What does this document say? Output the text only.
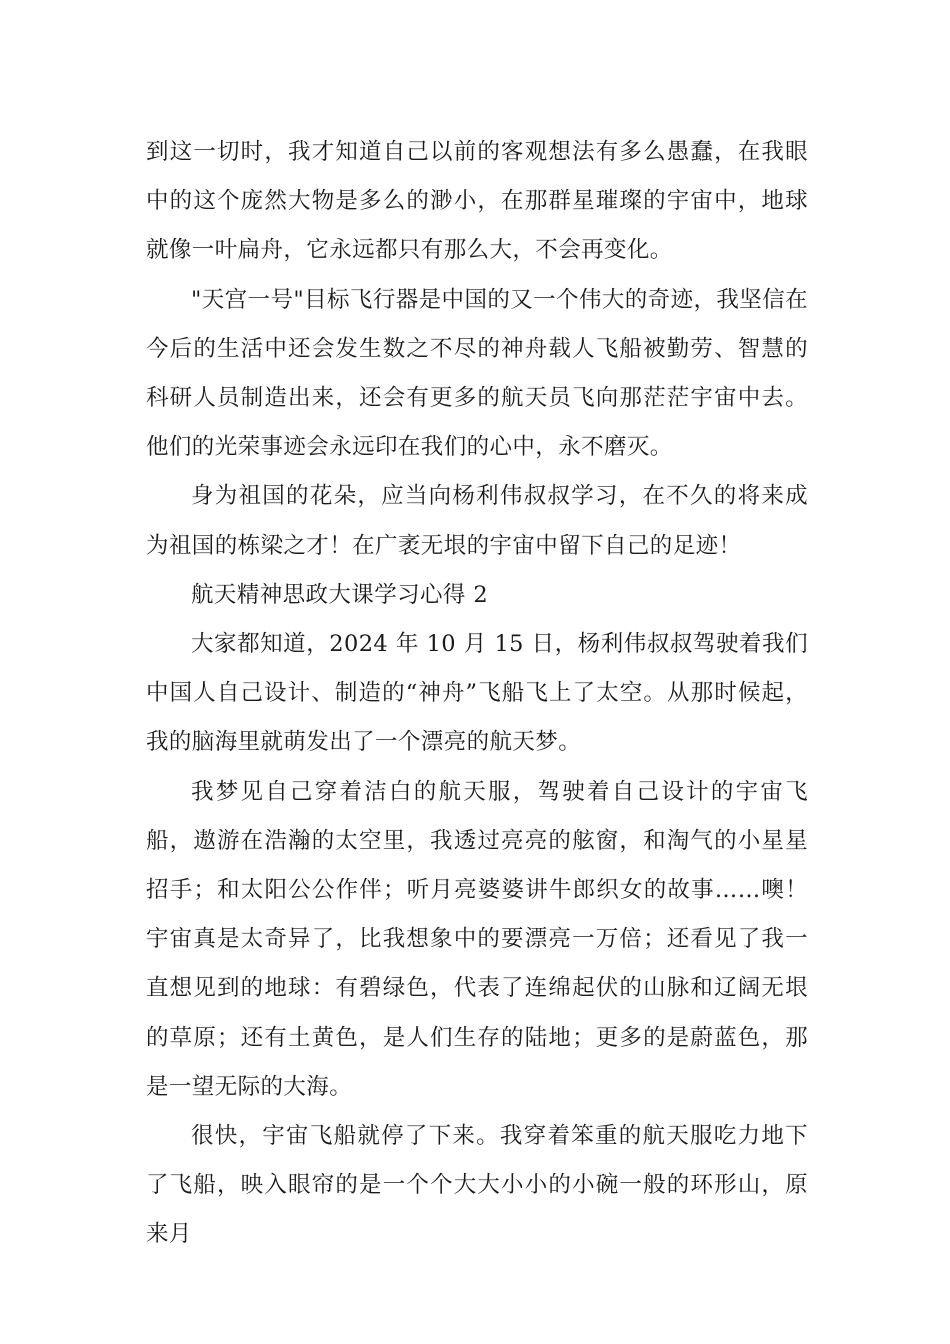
到这一切时，我才知道自己以前的客观想法有多么愚蠢，在我眼中的这个庞然大物是多么的渺小，在那群星璀璨的宇宙中，地球就像一叶扁舟，它永远都只有那么大，不会再变化。

"天宫一号"目标飞行器是中国的又一个伟大的奇迹，我坚信在今后的生活中还会发生数之不尽的神舟载人飞船被勤劳、智慧的科研人员制造出来，还会有更多的航天员飞向那茫茫宇宙中去。他们的光荣事迹会永远印在我们的心中，永不磨灭。

身为祖国的花朵，应当向杨利伟叔叔学习，在不久的将来成为祖国的栋梁之才！在广袤无垠的宇宙中留下自己的足迹！

航天精神思政大课学习心得 2

大家都知道，2024 年 10 月 15 日，杨利伟叔叔驾驶着我们中国人自己设计、制造的“神舟”飞船飞上了太空。从那时候起，我的脑海里就萌发出了一个漂亮的航天梦。

我梦见自己穿着洁白的航天服，驾驶着自己设计的宇宙飞船，遨游在浩瀚的太空里，我透过亮亮的舷窗，和淘气的小星星招手；和太阳公公作伴；听月亮婆婆讲牛郎织女的故事……噢！宇宙真是太奇异了，比我想象中的要漂亮一万倍；还看见了我一直想见到的地球：有碧绿色，代表了连绵起伏的山脉和辽阔无垠的草原；还有土黄色，是人们生存的陆地；更多的是蔚蓝色，那是一望无际的大海。

很快，宇宙飞船就停了下来。我穿着笨重的航天服吃力地下了飞船，映入眼帘的是一个个大大小小的小碗一般的环形山，原来月
